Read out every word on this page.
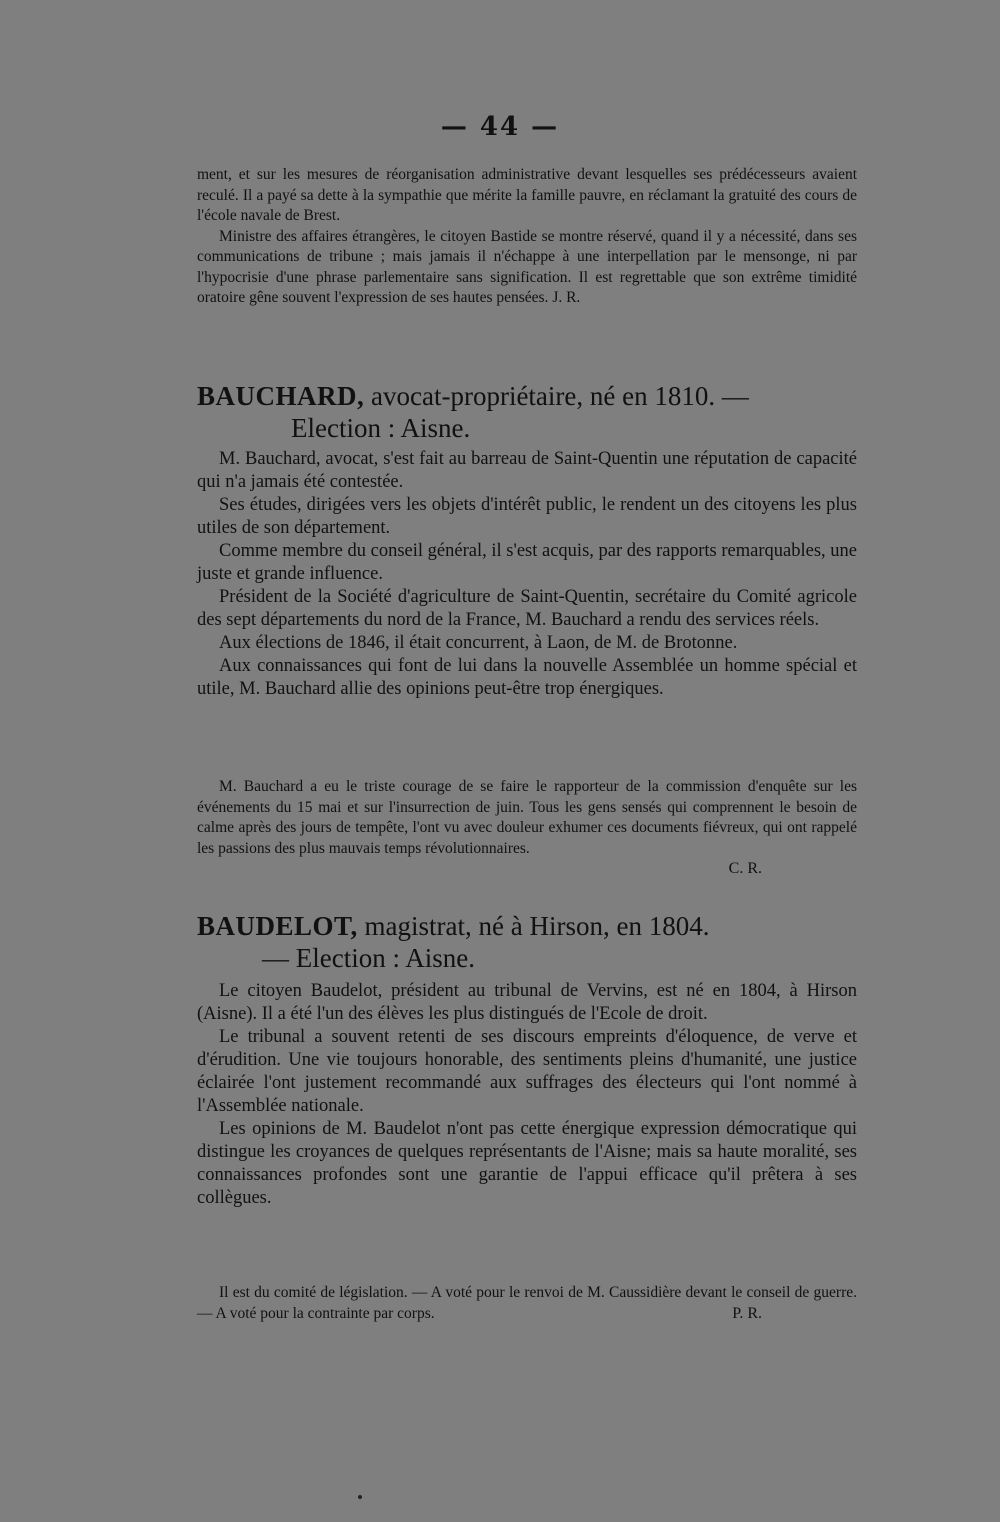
— 44 —

ment, et sur les mesures de réorganisation administrative devant lesquelles ses prédécesseurs avaient reculé. Il a payé sa dette à la sympathie que mérite la famille pauvre, en réclamant la gratuité des cours de l'école navale de Brest.

Ministre des affaires étrangères, le citoyen Bastide se montre réservé, quand il y a nécessité, dans ses communications de tribune ; mais jamais il n'échappe à une interpellation par le mensonge, ni par l'hypocrisie d'une phrase parlementaire sans signification. Il est regrettable que son extrême timidité oratoire gêne souvent l'expression de ses hautes pensées. J. R.

BAUCHARD, avocat-propriétaire, né en 1810. —
Election : Aisne.

M. Bauchard, avocat, s'est fait au barreau de Saint-Quentin une réputation de capacité qui n'a jamais été contestée.

Ses études, dirigées vers les objets d'intérêt public, le rendent un des citoyens les plus utiles de son département.

Comme membre du conseil général, il s'est acquis, par des rapports remarquables, une juste et grande influence.

Président de la Société d'agriculture de Saint-Quentin, secrétaire du Comité agricole des sept départements du nord de la France, M. Bauchard a rendu des services réels.

Aux élections de 1846, il était concurrent, à Laon, de M. de Brotonne.

Aux connaissances qui font de lui dans la nouvelle Assemblée un homme spécial et utile, M. Bauchard allie des opinions peut-être trop énergiques.

M. Bauchard a eu le triste courage de se faire le rapporteur de la commission d'enquête sur les événements du 15 mai et sur l'insurrection de juin. Tous les gens sensés qui comprennent le besoin de calme après des jours de tempête, l'ont vu avec douleur exhumer ces documents fiévreux, qui ont rappelé les passions des plus mauvais temps révolutionnaires.

C. R.
BAUDELOT, magistrat, né à Hirson, en 1804.
— Election : Aisne.

Le citoyen Baudelot, président au tribunal de Vervins, est né en 1804, à Hirson (Aisne). Il a été l'un des élèves les plus distingués de l'Ecole de droit.

Le tribunal a souvent retenti de ses discours empreints d'éloquence, de verve et d'érudition. Une vie toujours honorable, des sentiments pleins d'humanité, une justice éclairée l'ont justement recommandé aux suffrages des électeurs qui l'ont nommé à l'Assemblée nationale.

Les opinions de M. Baudelot n'ont pas cette énergique expression démocratique qui distingue les croyances de quelques représentants de l'Aisne; mais sa haute moralité, ses connaissances profondes sont une garantie de l'appui efficace qu'il prêtera à ses collègues.

Il est du comité de législation. — A voté pour le renvoi de M. Caussidière devant le conseil de guerre. — A voté pour la contrainte par corps.	P. R.
